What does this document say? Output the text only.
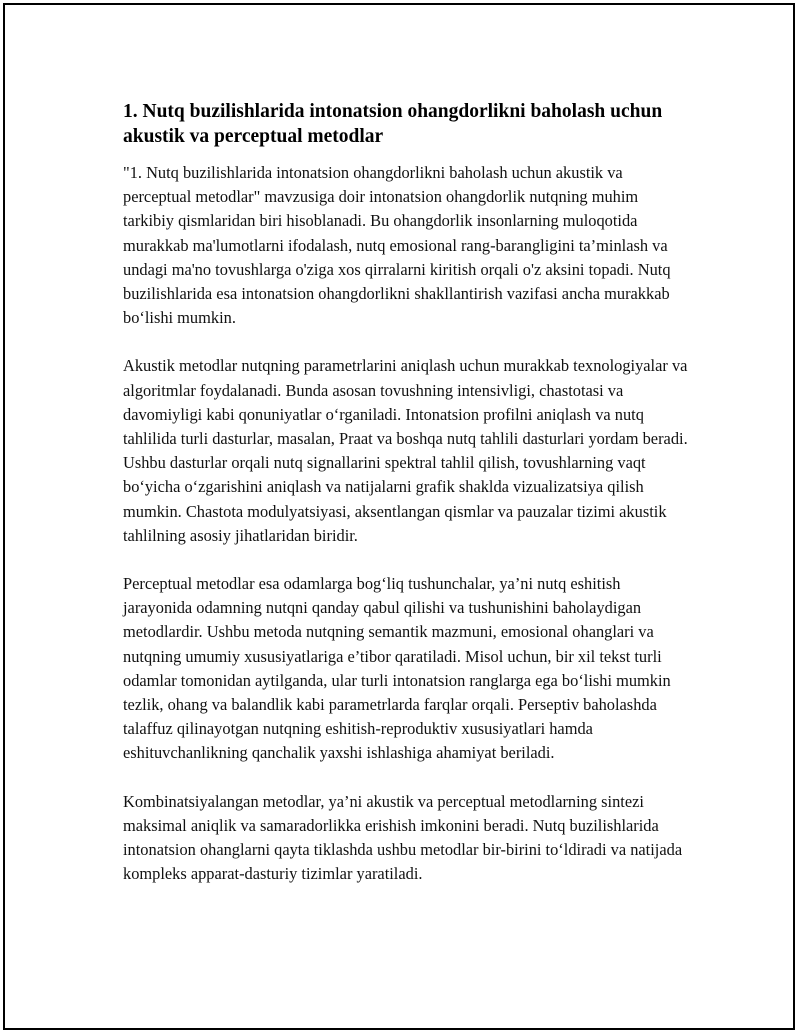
1. Nutq buzilishlarida intonatsion ohangdorlikni baholash uchun akustik va perceptual metodlar

"1. Nutq buzilishlarida intonatsion ohangdorlikni baholash uchun akustik va perceptual metodlar" mavzusiga doir intonatsion ohangdorlik nutqning muhim tarkibiy qismlaridan biri hisoblanadi. Bu ohangdorlik insonlarning muloqotida murakkab ma'lumotlarni ifodalash, nutq emosional rang-barangligini ta’minlash va undagi ma'no tovushlarga o'ziga xos qirralarni kiritish orqali o'z aksini topadi. Nutq buzilishlarida esa intonatsion ohangdorlikni shakllantirish vazifasi ancha murakkab bo‘lishi mumkin.

Akustik metodlar nutqning parametrlarini aniqlash uchun murakkab texnologiyalar va algoritmlar foydalanadi. Bunda asosan tovushning intensivligi, chastotasi va davomiyligi kabi qonuniyatlar o‘rganiladi. Intonatsion profilni aniqlash va nutq tahlilida turli dasturlar, masalan, Praat va boshqa nutq tahlili dasturlari yordam beradi. Ushbu dasturlar orqali nutq signallarini spektral tahlil qilish, tovushlarning vaqt bo‘yicha o‘zgarishini aniqlash va natijalarni grafik shaklda vizualizatsiya qilish mumkin. Chastota modulyatsiyasi, aksentlangan qismlar va pauzalar tizimi akustik tahlilning asosiy jihatlaridan biridir.

Perceptual metodlar esa odamlarga bog‘liq tushunchalar, ya’ni nutq eshitish jarayonida odamning nutqni qanday qabul qilishi va tushunishini baholaydigan metodlardir. Ushbu metoda nutqning semantik mazmuni, emosional ohanglari va nutqning umumiy xususiyatlariga e’tibor qaratiladi. Misol uchun, bir xil tekst turli odamlar tomonidan aytilganda, ular turli intonatsion ranglarga ega bo‘lishi mumkin tezlik, ohang va balandlik kabi parametrlarda farqlar orqali. Perseptiv baholashda talaffuz qilinayotgan nutqning eshitish-reproduktiv xususiyatlari hamda eshituvchanlikning qanchalik yaxshi ishlashiga ahamiyat beriladi.

Kombinatsiyalangan metodlar, ya’ni akustik va perceptual metodlarning sintezi maksimal aniqlik va samaradorlikka erishish imkonini beradi. Nutq buzilishlarida intonatsion ohanglarni qayta tiklashda ushbu metodlar bir-birini to‘ldiradi va natijada kompleks apparat-dasturiy tizimlar yaratiladi.
